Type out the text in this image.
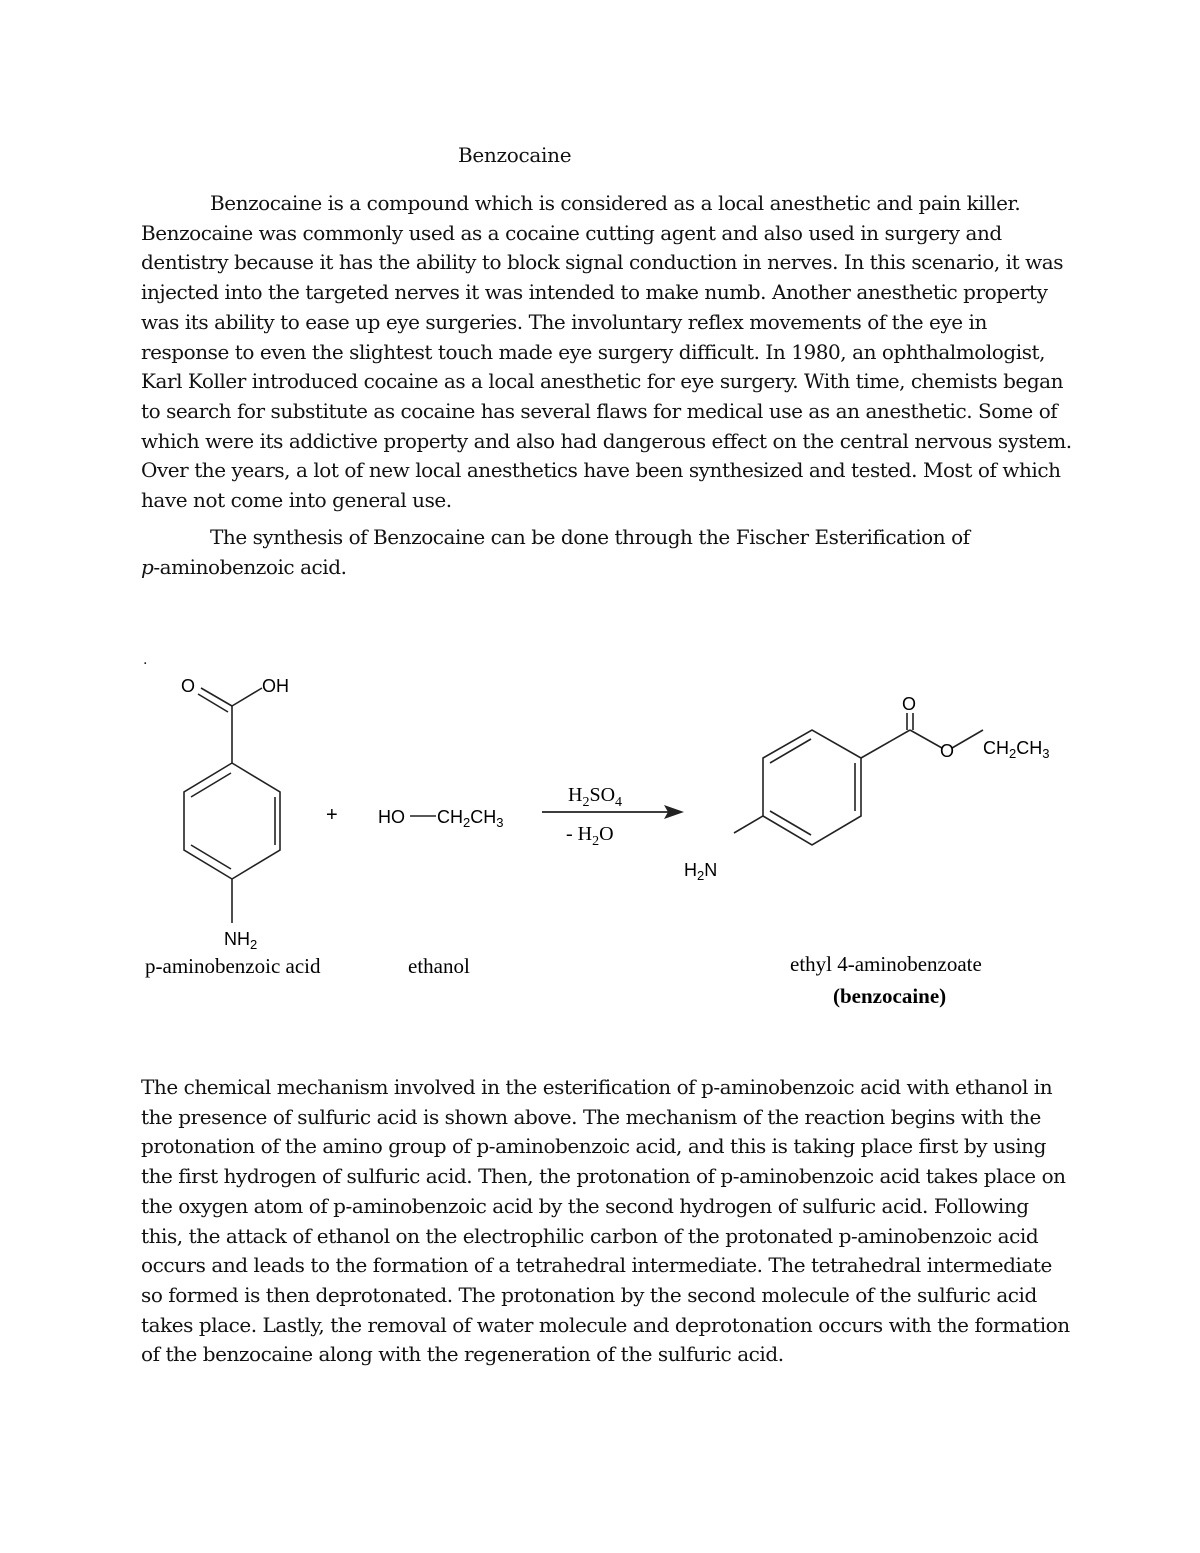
Benzocaine

Benzocaine is a compound which is considered as a local anesthetic and pain killer. Benzocaine was commonly used as a cocaine cutting agent and also used in surgery and dentistry because it has the ability to block signal conduction in nerves. In this scenario, it was injected into the targeted nerves it was intended to make numb. Another anesthetic property was its ability to ease up eye surgeries. The involuntary reflex movements of the eye in response to even the slightest touch made eye surgery difficult. In 1980, an ophthalmologist, Karl Koller introduced cocaine as a local anesthetic for eye surgery. With time, chemists began to search for substitute as cocaine has several flaws for medical use as an anesthetic. Some of which were its addictive property and also had dangerous effect on the central nervous system. Over the years, a lot of new local anesthetics have been synthesized and tested. Most of which have not come into general use.

The synthesis of Benzocaine can be done through the Fischer Esterification of
p-aminobenzoic acid.

.
O	OH
$NH_2$
p-aminobenzoic acid
+ HO $CH_2CH_3$
ethanol
$H_2SO_4$
- $H_2O$
O
O $CH_2CH_3$
$H_2N$
ethyl 4-aminobenzoate
(benzocaine)

The chemical mechanism involved in the esterification of p-aminobenzoic acid with ethanol in the presence of sulfuric acid is shown above. The mechanism of the reaction begins with the protonation of the amino group of p-aminobenzoic acid, and this is taking place first by using the first hydrogen of sulfuric acid. Then, the protonation of p-aminobenzoic acid takes place on the oxygen atom of p-aminobenzoic acid by the second hydrogen of sulfuric acid. Following this, the attack of ethanol on the electrophilic carbon of the protonated p-aminobenzoic acid occurs and leads to the formation of a tetrahedral intermediate. The tetrahedral intermediate so formed is then deprotonated. The protonation by the second molecule of the sulfuric acid takes place. Lastly, the removal of water molecule and deprotonation occurs with the formation of the benzocaine along with the regeneration of the sulfuric acid.
